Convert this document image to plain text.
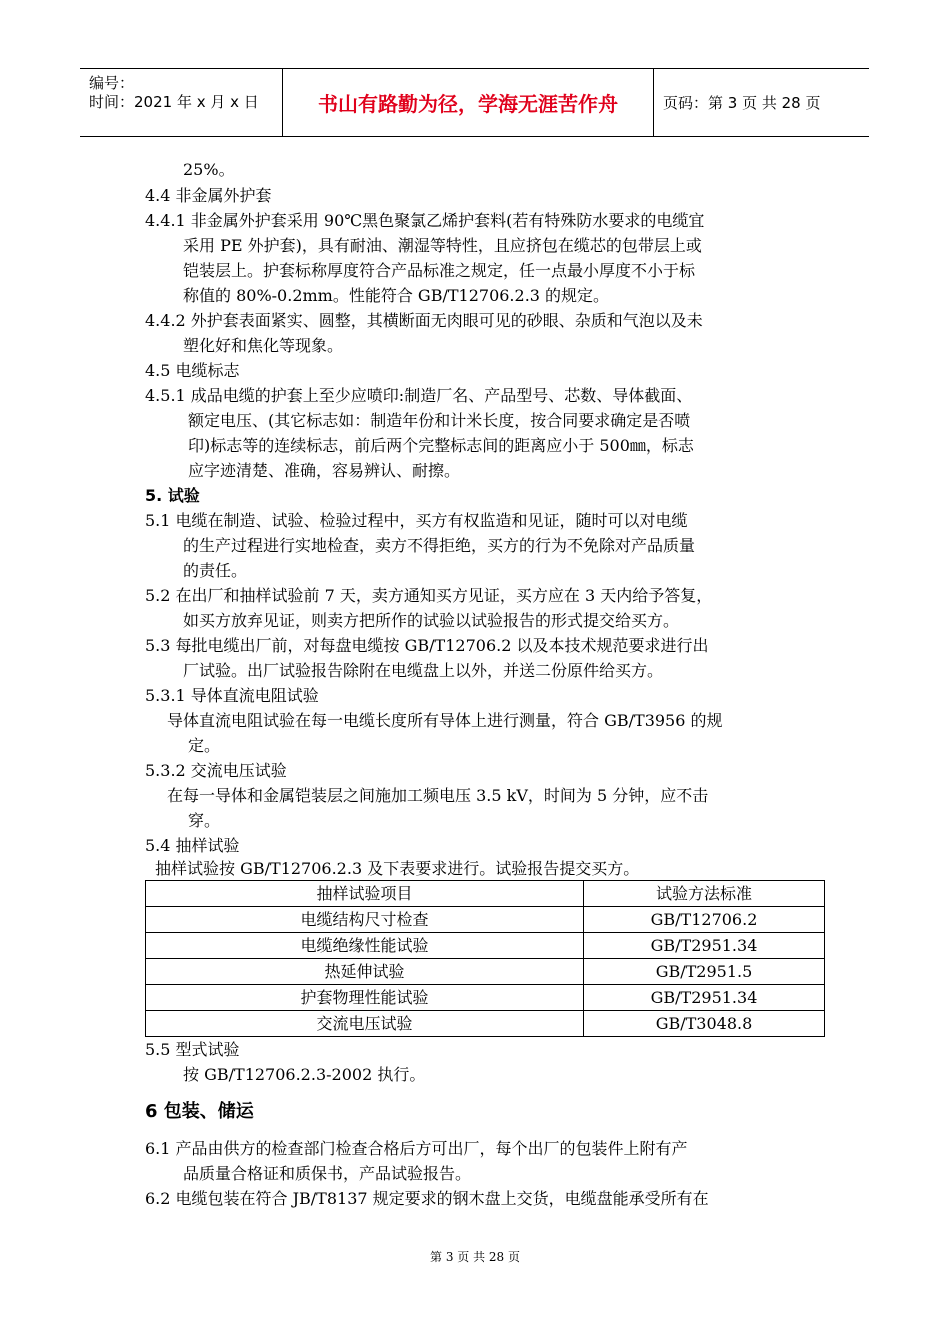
编号：
时间：2021 年 x 月 x 日	书山有路勤为径，学海无涯苦作舟	页码：第 3 页 共 28 页
25%。
4.4 非金属外护套
4.4.1 非金属外护套采用 90℃黑色聚氯乙烯护套料(若有特殊防水要求的电缆宜
采用 PE 外护套)，具有耐油、潮湿等特性，且应挤包在缆芯的包带层上或
铠装层上。护套标称厚度符合产品标准之规定，任一点最小厚度不小于标
称值的 80%-0.2mm。性能符合 GB/T12706.2.3 的规定。
4.4.2 外护套表面紧实、圆整，其横断面无肉眼可见的砂眼、杂质和气泡以及未
塑化好和焦化等现象。
4.5 电缆标志
4.5.1 成品电缆的护套上至少应喷印:制造厂名、产品型号、芯数、导体截面、
额定电压、(其它标志如：制造年份和计米长度，按合同要求确定是否喷
印)标志等的连续标志，前后两个完整标志间的距离应小于 500㎜，标志
应字迹清楚、准确，容易辨认、耐擦。
5. 试验
5.1 电缆在制造、试验、检验过程中，买方有权监造和见证，随时可以对电缆
的生产过程进行实地检查，卖方不得拒绝，买方的行为不免除对产品质量
的责任。
5.2 在出厂和抽样试验前 7 天，卖方通知买方见证，买方应在 3 天内给予答复，
如买方放弃见证，则卖方把所作的试验以试验报告的形式提交给买方。
5.3 每批电缆出厂前，对每盘电缆按 GB/T12706.2 以及本技术规范要求进行出
厂试验。出厂试验报告除附在电缆盘上以外，并送二份原件给买方。
5.3.1 导体直流电阻试验
导体直流电阻试验在每一电缆长度所有导体上进行测量，符合 GB/T3956 的规
定。
5.3.2 交流电压试验
在每一导体和金属铠装层之间施加工频电压 3.5 kV，时间为 5 分钟，应不击
穿。
5.4 抽样试验
抽样试验按 GB/T12706.2.3 及下表要求进行。试验报告提交买方。
抽样试验项目	试验方法标准
电缆结构尺寸检查	GB/T12706.2
电缆绝缘性能试验	GB/T2951.34
热延伸试验	GB/T2951.5
护套物理性能试验	GB/T2951.34
交流电压试验	GB/T3048.8
5.5 型式试验
按 GB/T12706.2.3-2002 执行。
6 包装、储运
6.1 产品由供方的检查部门检查合格后方可出厂，每个出厂的包装件上附有产
品质量合格证和质保书，产品试验报告。
6.2 电缆包装在符合 JB/T8137 规定要求的钢木盘上交货，电缆盘能承受所有在
第 3 页 共 28 页
